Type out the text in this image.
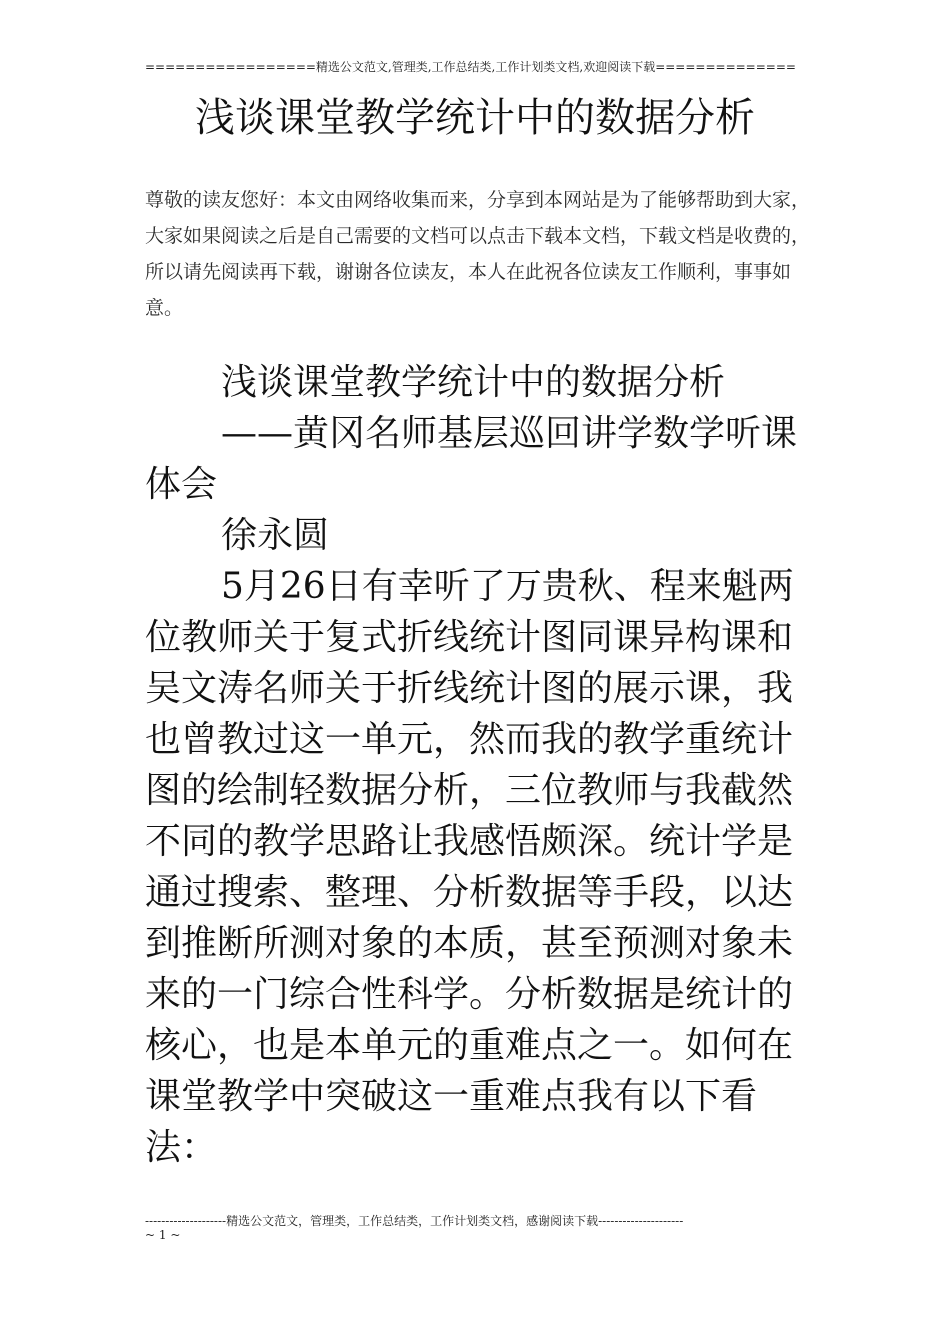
=================精选公文范文,管理类,工作总结类,工作计划类文档,欢迎阅读下载==============
浅谈课堂教学统计中的数据分析
尊敬的读友您好：本文由网络收集而来，分享到本网站是为了能够帮助到大家，大家如果阅读之后是自己需要的文档可以点击下载本文档，下载文档是收费的，所以请先阅读再下载，谢谢各位读友，本人在此祝各位读友工作顺利，事事如意。

浅谈课堂教学统计中的数据分析

——黄冈名师基层巡回讲学数学听课体会

徐永圆

5月26日有幸听了万贵秋、程来魁两位教师关于复式折线统计图同课异构课和吴文涛名师关于折线统计图的展示课，我也曾教过这一单元，然而我的教学重统计图的绘制轻数据分析，三位教师与我截然不同的教学思路让我感悟颇深。统计学是通过搜索、整理、分析数据等手段，以达到推断所测对象的本质，甚至预测对象未来的一门综合性科学。分析数据是统计的核心，也是本单元的重难点之一。如何在课堂教学中突破这一重难点我有以下看法：

--------------------精选公文范文，管理类，工作总结类，工作计划类文档，感谢阅读下载---------------------
~ 1 ~
